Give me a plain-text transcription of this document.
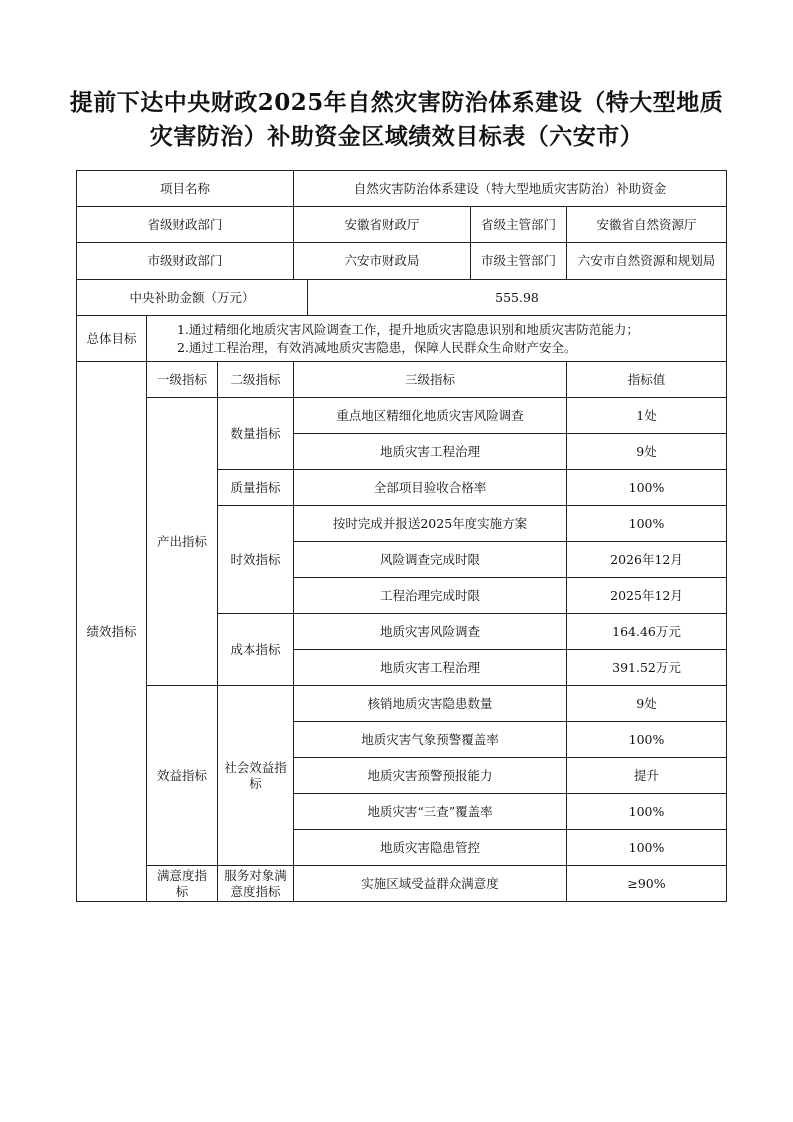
提前下达中央财政2025年自然灾害防治体系建设（特大型地质
灾害防治）补助资金区域绩效目标表（六安市）
项目名称			自然灾害防治体系建设（特大型地质灾害防治）补助资金			
省级财政部门			安徽省财政厅		省级主管部门	安徽省自然资源厅
市级财政部门			六安市财政局		市级主管部门	六安市自然资源和规划局
中央补助金额（万元）				555.98		
总体目标	1.通过精细化地质灾害风险调查工作，提升地质灾害隐患识别和地质灾害防范能力；
2.通过工程治理，有效消减地质灾害隐患，保障人民群众生命财产安全。					

绩效指标	一级指标	二级指标	三级指标			指标值
	产出指标	数量指标	重点地区精细化地质灾害风险调查			1处
			地质灾害工程治理			9处
		质量指标	全部项目验收合格率			100%
		时效指标	按时完成并报送2025年度实施方案			100%
			风险调查完成时限			2026年12月
			工程治理完成时限			2025年12月
		成本指标	地质灾害风险调查			164.46万元
			地质灾害工程治理			391.52万元
	效益指标	社会效益指标	核销地质灾害隐患数量			9处
			地质灾害气象预警覆盖率			100%
			地质灾害预警预报能力			提升
			地质灾害“三查”覆盖率			100%
			地质灾害隐患管控			100%
	满意度指标	服务对象满意度指标	实施区域受益群众满意度			≥90%
